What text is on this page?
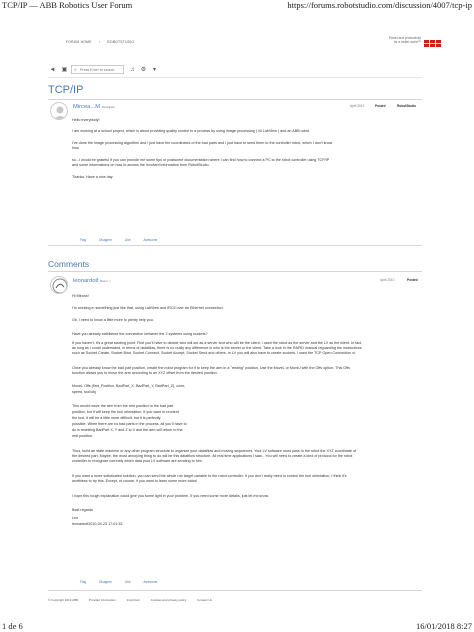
TCP/IP — ABB Robotics User Forum	https://forums.robotstudio.com/discussion/4007/tcp-ip
1 de 6	16/01/2018 8:27
FORUM HOME › ROBOTSTUDIO
Power and productivity
for a better world™
◄ ▣	⌕ Press Enter to search	♫	⚙	▾
TCP/IP
Mircea...M Participant	April 2010	Posted	RobotStudio
Hello everybody!
I am working at a school project, which is about providing quality control to a process by using image processing ( NI LabView ) and an ABB robot.
I've done the image processing algorithm and I just have the coordinates of the bad parts and I just have to send them to the controller robot, which I don't know
how.
so...I would be grateful if you can provide me some tips or postsome documentation where I can find how to connect a PC to the robot controller using TCP/IP
and some informations on how to access the involved information from RobotStudio.
Thanks. Have a nice day
Flag	Disagree	Like	Awesome
Comments
leonardolt Board ☆	April 2010	Posted
Hi Mircea!
I'm working in something just like that, using LabView and IRC5 over an Ethernet connection.
Ok, I need to know a little more to plenty help you.
Have you already stablished the connection between the 2 systems using sockets?
If you haven't, it's a great starting point. First you'll have to decide who will act as a server and who will be the client. I used the robot as the server and the LV as the client. In fact,
as long as I could understand, in terms of datatflow, there is no really any difference in who is the server or the client. Take a look in the RAPID manual reguarding the instructions
such as Socket Create, Socket Bind, Socket Connect, Socket Accept, Socket Send and others. In LV you will also have to create sockets. I used the TCP Open Connection vi.
Once you already know the bad part position, create the robot program for it to keep the arm in a "resting" position, Use the MoveL or MoveJ with the Offs option. This Offs
function allows you to move the arm according to an XYZ offset from the desired position.
MoveL Offs (first_Position, BadPart_X, BadPart_Y, BadPart_Z), zone,
speed, tool/obj
This would move the arm from the rest position to the bad part
position, but it will keep the tool orientation. If you want to reorient
the tool, it will be a little more difficult, but it is perfectly
possible. When there are no bad parts in the process, all you'll have to
do is resetting BadPart X, Y and Z to 0 and the arm will return to the
rest position.
Thus, build an state machine or any other program structure to organize your datatflow and moving sequences. Your LV software must pass to the robot the XYZ coordinate of
the desired part. Maybe, the most annoying thing to do will be this datatflow structure. All real time applications I saw... You will need to create a kind of protocol for the robot
controller to recognize correctly which data your LV software are sending to him.
If you want a more sofisticated solution, you can send the whole rob target variable to the robot controller. If you don't really need to control the tool orientation, I think it's
worthless to try this. Except, of course, if you want to learn some more tricks!
I hope this rough explanation could give you some light in your problem. If you need some more details, just let me know.
Best regards
Leo
leonardolt2010-04-23 17:01:33
Flag	Disagree	Like	Awesome
© Copyright 2013 ABB	Provider information	Imprintum	Cookies and privacy policy	Contact Us
